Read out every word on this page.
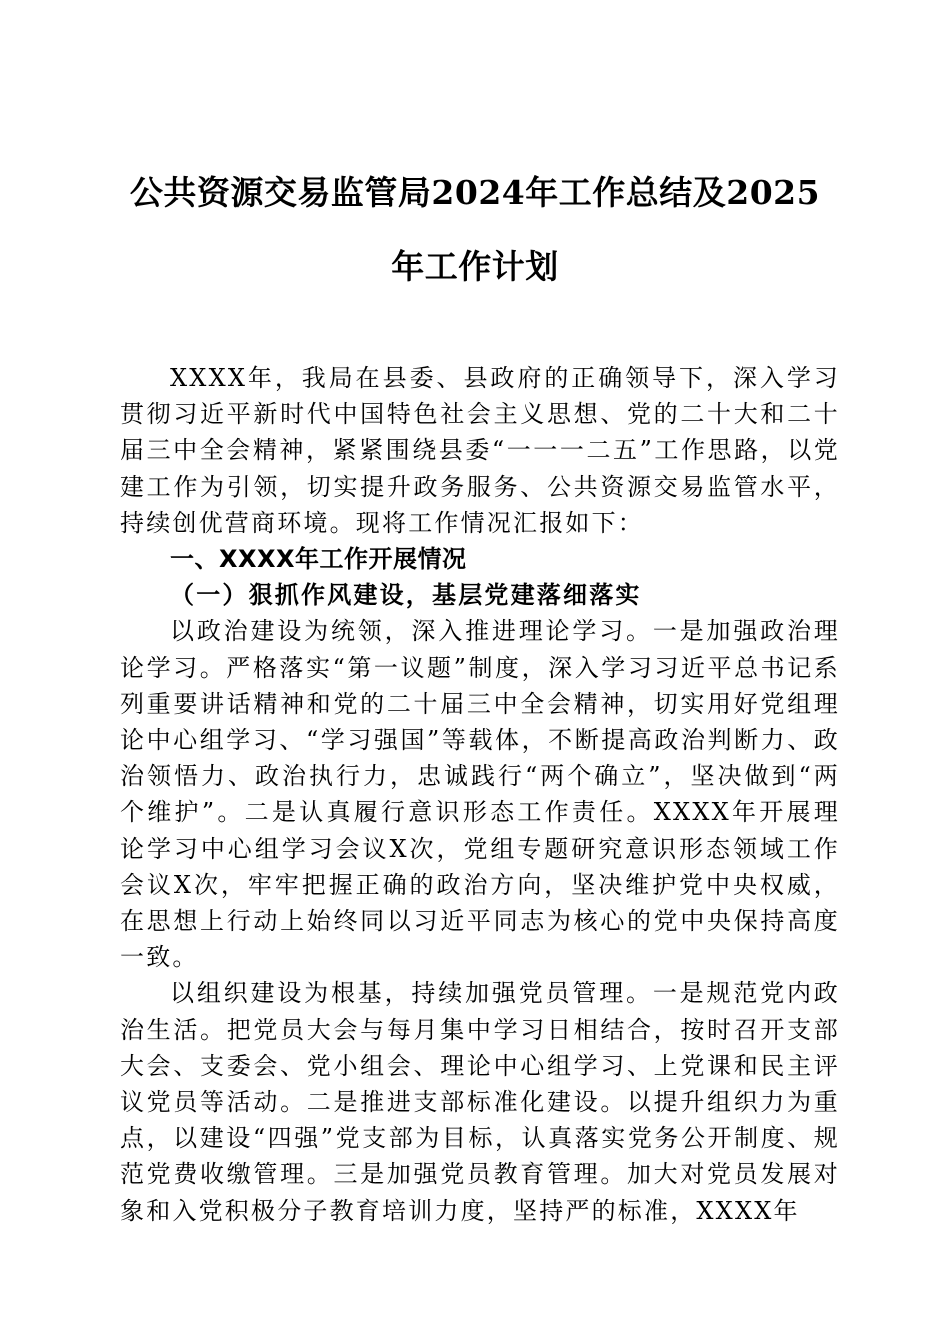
公共资源交易监管局2024年工作总结及2025
年工作计划

XXXX年，我局在县委、县政府的正确领导下，深入学习贯彻习近平新时代中国特色社会主义思想、党的二十大和二十届三中全会精神，紧紧围绕县委“一一一二五”工作思路，以党建工作为引领，切实提升政务服务、公共资源交易监管水平，持续创优营商环境。现将工作情况汇报如下：

一、XXXX年工作开展情况

（一）狠抓作风建设，基层党建落细落实

以政治建设为统领，深入推进理论学习。一是加强政治理论学习。严格落实“第一议题”制度，深入学习习近平总书记系列重要讲话精神和党的二十届三中全会精神，切实用好党组理论中心组学习、“学习强国”等载体，不断提高政治判断力、政治领悟力、政治执行力，忠诚践行“两个确立”，坚决做到“两个维护”。二是认真履行意识形态工作责任。XXXX年开展理论学习中心组学习会议X次，党组专题研究意识形态领域工作会议X次，牢牢把握正确的政治方向，坚决维护党中央权威，在思想上行动上始终同以习近平同志为核心的党中央保持高度一致。

以组织建设为根基，持续加强党员管理。一是规范党内政治生活。把党员大会与每月集中学习日相结合，按时召开支部大会、支委会、党小组会、理论中心组学习、上党课和民主评议党员等活动。二是推进支部标准化建设。以提升组织力为重点，以建设“四强”党支部为目标，认真落实党务公开制度、规范党费收缴管理。三是加强党员教育管理。加大对党员发展对象和入党积极分子教育培训力度，坚持严的标准，XXXX年
